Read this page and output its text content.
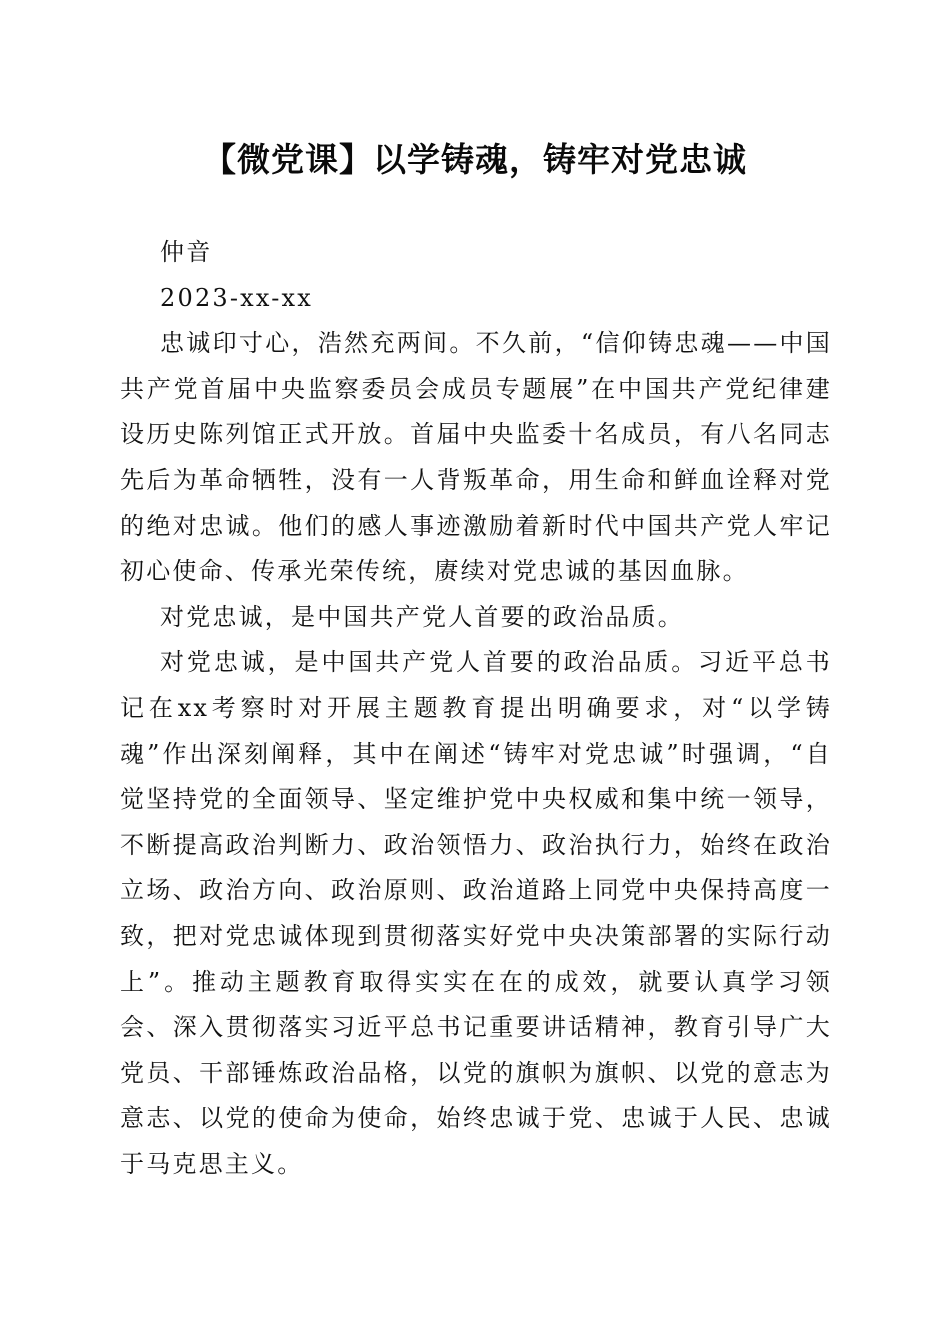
【微党课】以学铸魂，铸牢对党忠诚

仲音

2023-xx-xx

忠诚印寸心，浩然充两间。不久前，“信仰铸忠魂——中国共产党首届中央监察委员会成员专题展”在中国共产党纪律建设历史陈列馆正式开放。首届中央监委十名成员，有八名同志先后为革命牺牲，没有一人背叛革命，用生命和鲜血诠释对党的绝对忠诚。他们的感人事迹激励着新时代中国共产党人牢记初心使命、传承光荣传统，赓续对党忠诚的基因血脉。

对党忠诚，是中国共产党人首要的政治品质。

对党忠诚，是中国共产党人首要的政治品质。习近平总书记在xx考察时对开展主题教育提出明确要求，对“以学铸魂”作出深刻阐释，其中在阐述“铸牢对党忠诚”时强调，“自觉坚持党的全面领导、坚定维护党中央权威和集中统一领导，不断提高政治判断力、政治领悟力、政治执行力，始终在政治立场、政治方向、政治原则、政治道路上同党中央保持高度一致，把对党忠诚体现到贯彻落实好党中央决策部署的实际行动上”。推动主题教育取得实实在在的成效，就要认真学习领会、深入贯彻落实习近平总书记重要讲话精神，教育引导广大党员、干部锤炼政治品格，以党的旗帜为旗帜、以党的意志为意志、以党的使命为使命，始终忠诚于党、忠诚于人民、忠诚于马克思主义。
